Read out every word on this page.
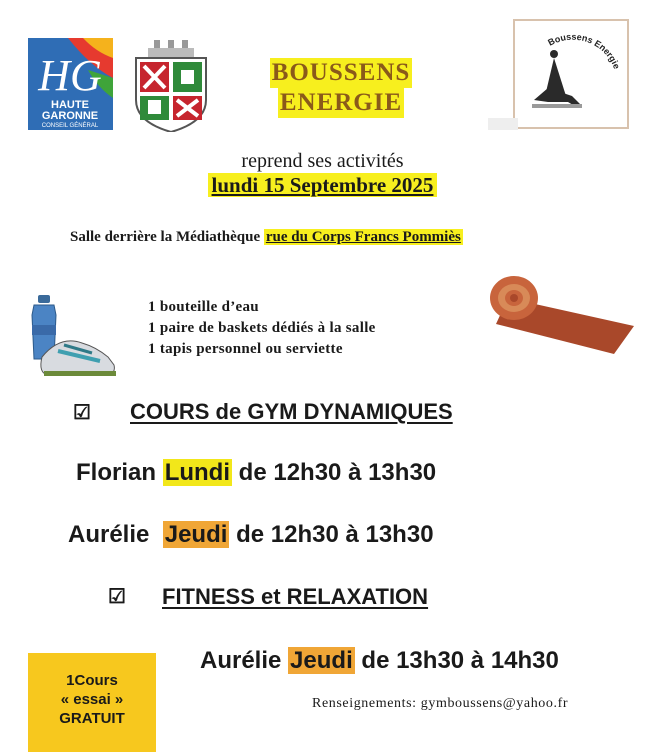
HG
HAUTE
GARONNE
CONSEIL GÉNÉRAL
BOUSSENS
ENERGIE
Boussens Energie
reprend ses activités
lundi 15 Septembre 2025
Salle derrière la Médiathèque rue du Corps Francs Pommiès
1 bouteille d’eau
1 paire de baskets dédiés à la salle
1 tapis personnel ou serviette
☑ COURS de GYM DYNAMIQUES
Florian Lundi de 12h30 à 13h30
Aurélie Jeudi de 12h30 à 13h30
☑ FITNESS et RELAXATION
Aurélie Jeudi de 13h30 à 14h30
1Cours
« essai »
GRATUIT
Renseignements: gymboussens@yahoo.fr
